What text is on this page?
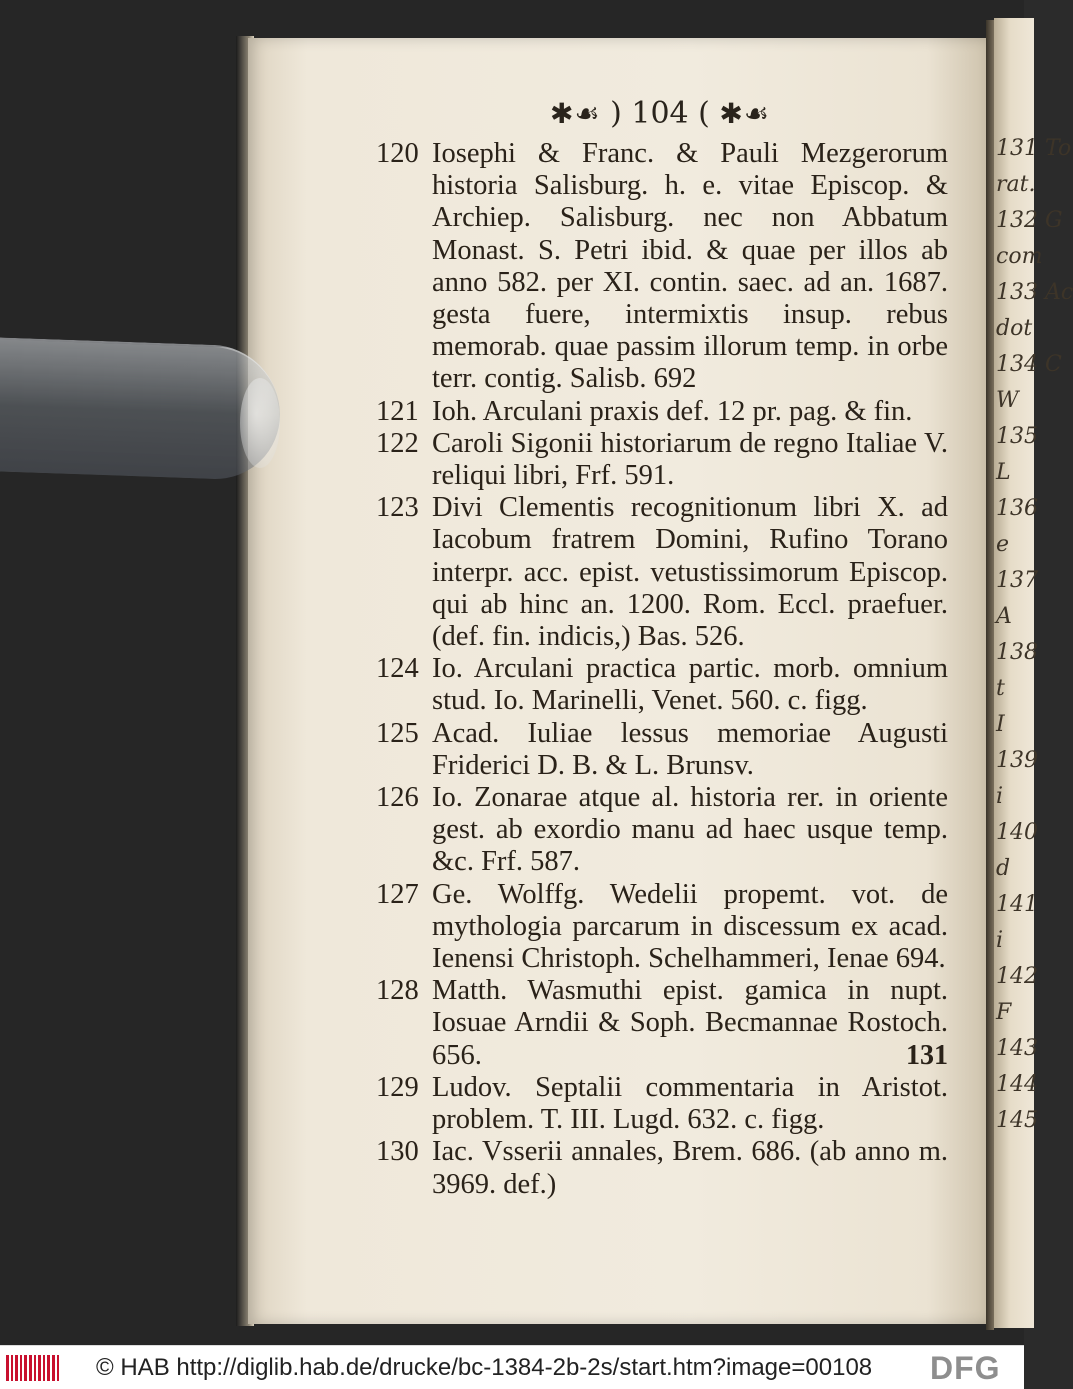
131 To
rat.
132 G
com
133 Ac
dot
134 C
W
135
L
136
e
137
A
138
t
I
139
i
140
d
141
i
142
F
143
144
145
✱☙ ) 104 ( ✱☙
120 Iosephi & Franc. & Pauli Mezgerorum historia Salisburg. h. e. vitae Episcop. & Archiep. Salisburg. nec non Abbatum Monast. S. Petri ibid. & quae per illos ab anno 582. per XI. contin. saec. ad an. 1687. gesta fuere, intermixtis insup. rebus memorab. quae passim illorum temp. in orbe terr. contig. Salisb. 692
121 Ioh. Arculani praxis def. 12 pr. pag. & fin.
122 Caroli Sigonii historiarum de regno Italiae V. reliqui libri, Frf. 591.
123 Divi Clementis recognitionum libri X. ad Iacobum fratrem Domini, Rufino Torano interpr. acc. epist. vetustissimorum Episcop. qui ab hinc an. 1200. Rom. Eccl. praefuer. (def. fin. indicis,) Bas. 526.
124 Io. Arculani practica partic. morb. omnium stud. Io. Marinelli, Venet. 560. c. figg.
125 Acad. Iuliae lessus memoriae Augusti Friderici D. B. & L. Brunsv.
126 Io. Zonarae atque al. historia rer. in oriente gest. ab exordio manu ad haec usque temp. &c. Frf. 587.
127 Ge. Wolffg. Wedelii propemt. vot. de mythologia parcarum in discessum ex acad. Ienensi Christoph. Schelhammeri, Ienae 694.
128 Matth. Wasmuthi epist. gamica in nupt. Iosuae Arndii & Soph. Becmannae Rostoch. 656.
129 Ludov. Septalii commentaria in Aristot. problem. T. III. Lugd. 632. c. figg.
130 Iac. Vsserii annales, Brem. 686. (ab anno m. 3969. def.)
131
© HAB http://diglib.hab.de/drucke/bc-1384-2b-2s/start.htm?image=00108 DFG
